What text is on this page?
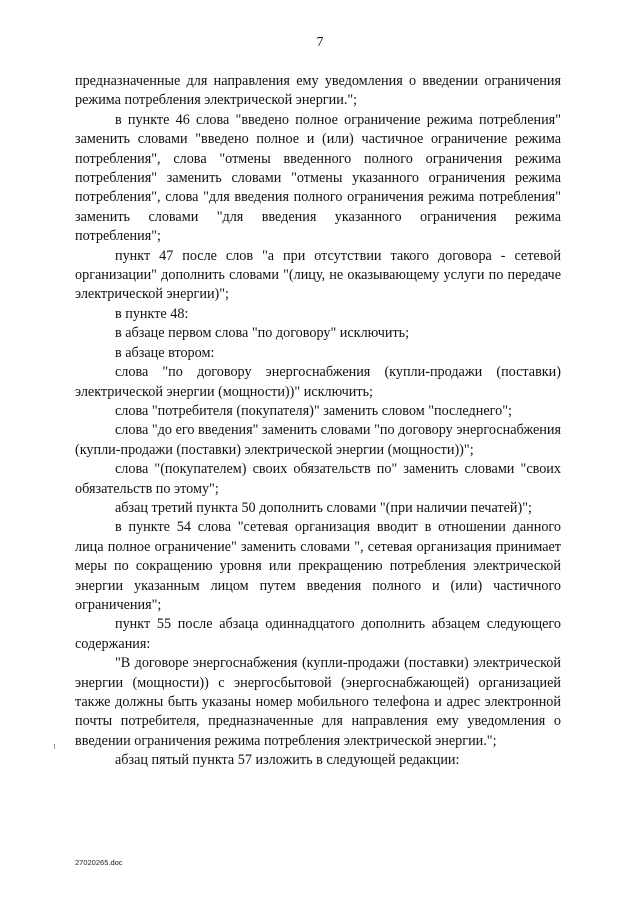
7

предназначенные для направления ему уведомления о введении ограничения режима потребления электрической энергии.";

в пункте 46 слова "введено полное ограничение режима потребления" заменить словами "введено полное и (или) частичное ограничение режима потребления", слова "отмены введенного полного ограничения режима потребления" заменить словами "отмены указанного ограничения режима потребления", слова "для введения полного ограничения режима потребления" заменить словами "для введения указанного ограничения режима потребления";

пункт 47 после слов "а при отсутствии такого договора - сетевой организации" дополнить словами "(лицу, не оказывающему услуги по передаче электрической энергии)";

в пункте 48:

в абзаце первом слова "по договору" исключить;

в абзаце втором:

слова "по договору энергоснабжения (купли-продажи (поставки) электрической энергии (мощности))" исключить;

слова "потребителя (покупателя)" заменить словом "последнего";

слова "до его введения" заменить словами "по договору энергоснабжения (купли-продажи (поставки) электрической энергии (мощности))";

слова "(покупателем) своих обязательств по" заменить словами "своих обязательств по этому";

абзац третий пункта 50 дополнить словами "(при наличии печатей)";

в пункте 54 слова "сетевая организация вводит в отношении данного лица полное ограничение" заменить словами ", сетевая организация принимает меры по сокращению уровня или прекращению потребления электрической энергии указанным лицом путем введения полного и (или) частичного ограничения";

пункт 55 после абзаца одиннадцатого дополнить абзацем следующего содержания:

"В договоре энергоснабжения (купли-продажи (поставки) электрической энергии (мощности)) с энергосбытовой (энергоснабжающей) организацией также должны быть указаны номер мобильного телефона и адрес электронной почты потребителя, предназначенные для направления ему уведомления о введении ограничения режима потребления электрической энергии.";

абзац пятый пункта 57 изложить в следующей редакции:

27020265.doc
